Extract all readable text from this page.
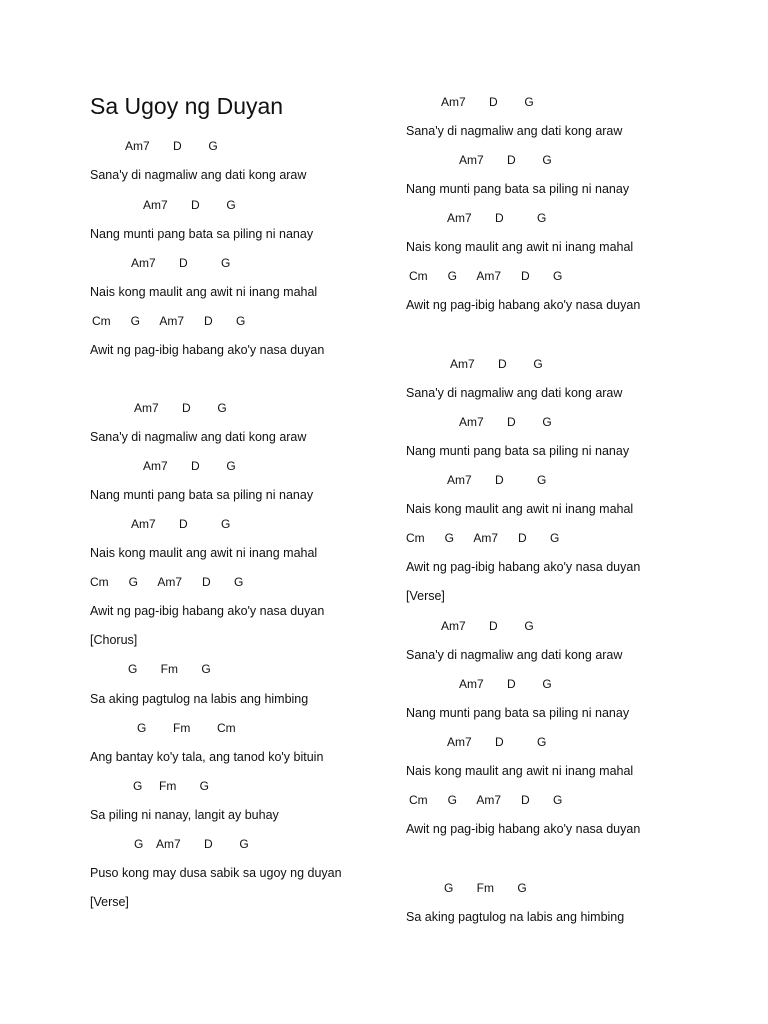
Sa Ugoy ng Duyan
Am7       D        G
Sana'y di nagmaliw ang dati kong araw
Am7       D        G
Nang munti pang bata sa piling ni nanay
Am7       D          G
Nais kong maulit ang awit ni inang mahal
Cm      G      Am7      D       G
Awit ng pag-ibig habang ako'y nasa duyan
Am7       D        G
Sana'y di nagmaliw ang dati kong araw
Am7       D        G
Nang munti pang bata sa piling ni nanay
Am7       D          G
Nais kong maulit ang awit ni inang mahal
Cm      G      Am7      D       G
Awit ng pag-ibig habang ako'y nasa duyan
[Chorus]
G       Fm       G
Sa aking pagtulog na labis ang himbing
G        Fm        Cm
Ang bantay ko'y tala, ang tanod ko'y bituin
G     Fm       G
Sa piling ni nanay, langit ay buhay
G    Am7       D        G
Puso kong may dusa sabik sa ugoy ng duyan
[Verse]
Am7       D        G
Sana'y di nagmaliw ang dati kong araw
Am7       D        G
Nang munti pang bata sa piling ni nanay
Am7       D          G
Nais kong maulit ang awit ni inang mahal
Cm      G      Am7      D       G
Awit ng pag-ibig habang ako'y nasa duyan
Am7       D        G
Sana'y di nagmaliw ang dati kong araw
Am7       D        G
Nang munti pang bata sa piling ni nanay
Am7       D          G
Nais kong maulit ang awit ni inang mahal
Cm      G      Am7      D       G
Awit ng pag-ibig habang ako'y nasa duyan
[Verse]
Am7       D        G
Sana'y di nagmaliw ang dati kong araw
Am7       D        G
Nang munti pang bata sa piling ni nanay
Am7       D          G
Nais kong maulit ang awit ni inang mahal
Cm      G      Am7      D       G
Awit ng pag-ibig habang ako'y nasa duyan
G       Fm       G
Sa aking pagtulog na labis ang himbing
